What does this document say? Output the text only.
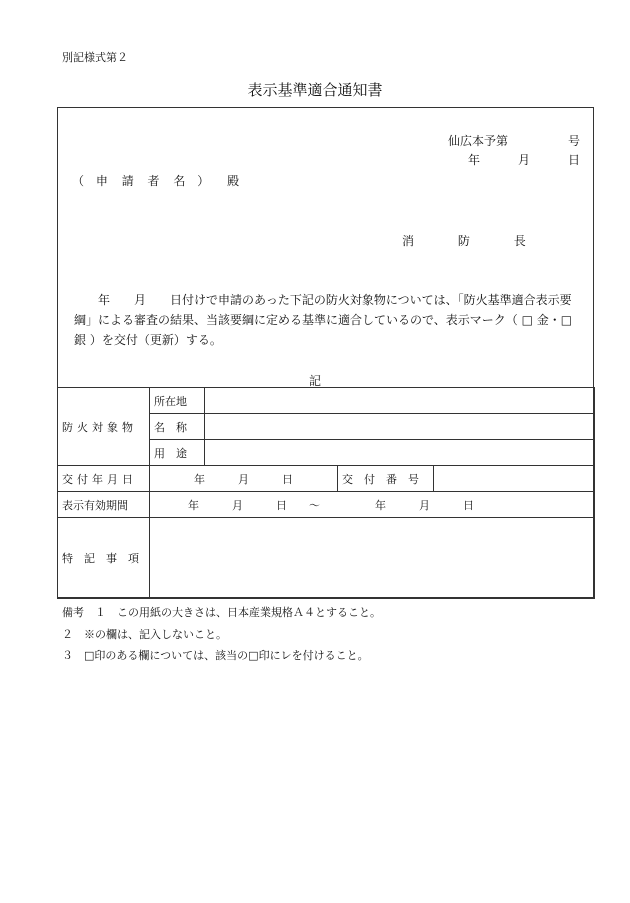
別記様式第２
表示基準適合通知書
仙広本予第	号
年	月	日
（ 申 請 者 名 ） 殿
消	防	長
　　年　　月　　日付けで申請のあった下記の防火対象物については、「防火基準適合表示要綱」による審査の結果、当該要綱に定める基準に適合しているので、表示マーク（ □ 金・□ 銀 ）を交付（更新）する。
記
防火対象物	所在地			
	名　称			
	用　途			
交付年月日	年　　　月　　　日		交　付　番　号	
表示有効期間	年　　　月　　　日　　〜　　　　　年　　　月　　　日			
特　記　事　項				
備考　１　この用紙の大きさは、日本産業規格Ａ４とすること。
２　※の欄は、記入しないこと。
３　□印のある欄については、該当の□印にレを付けること。
